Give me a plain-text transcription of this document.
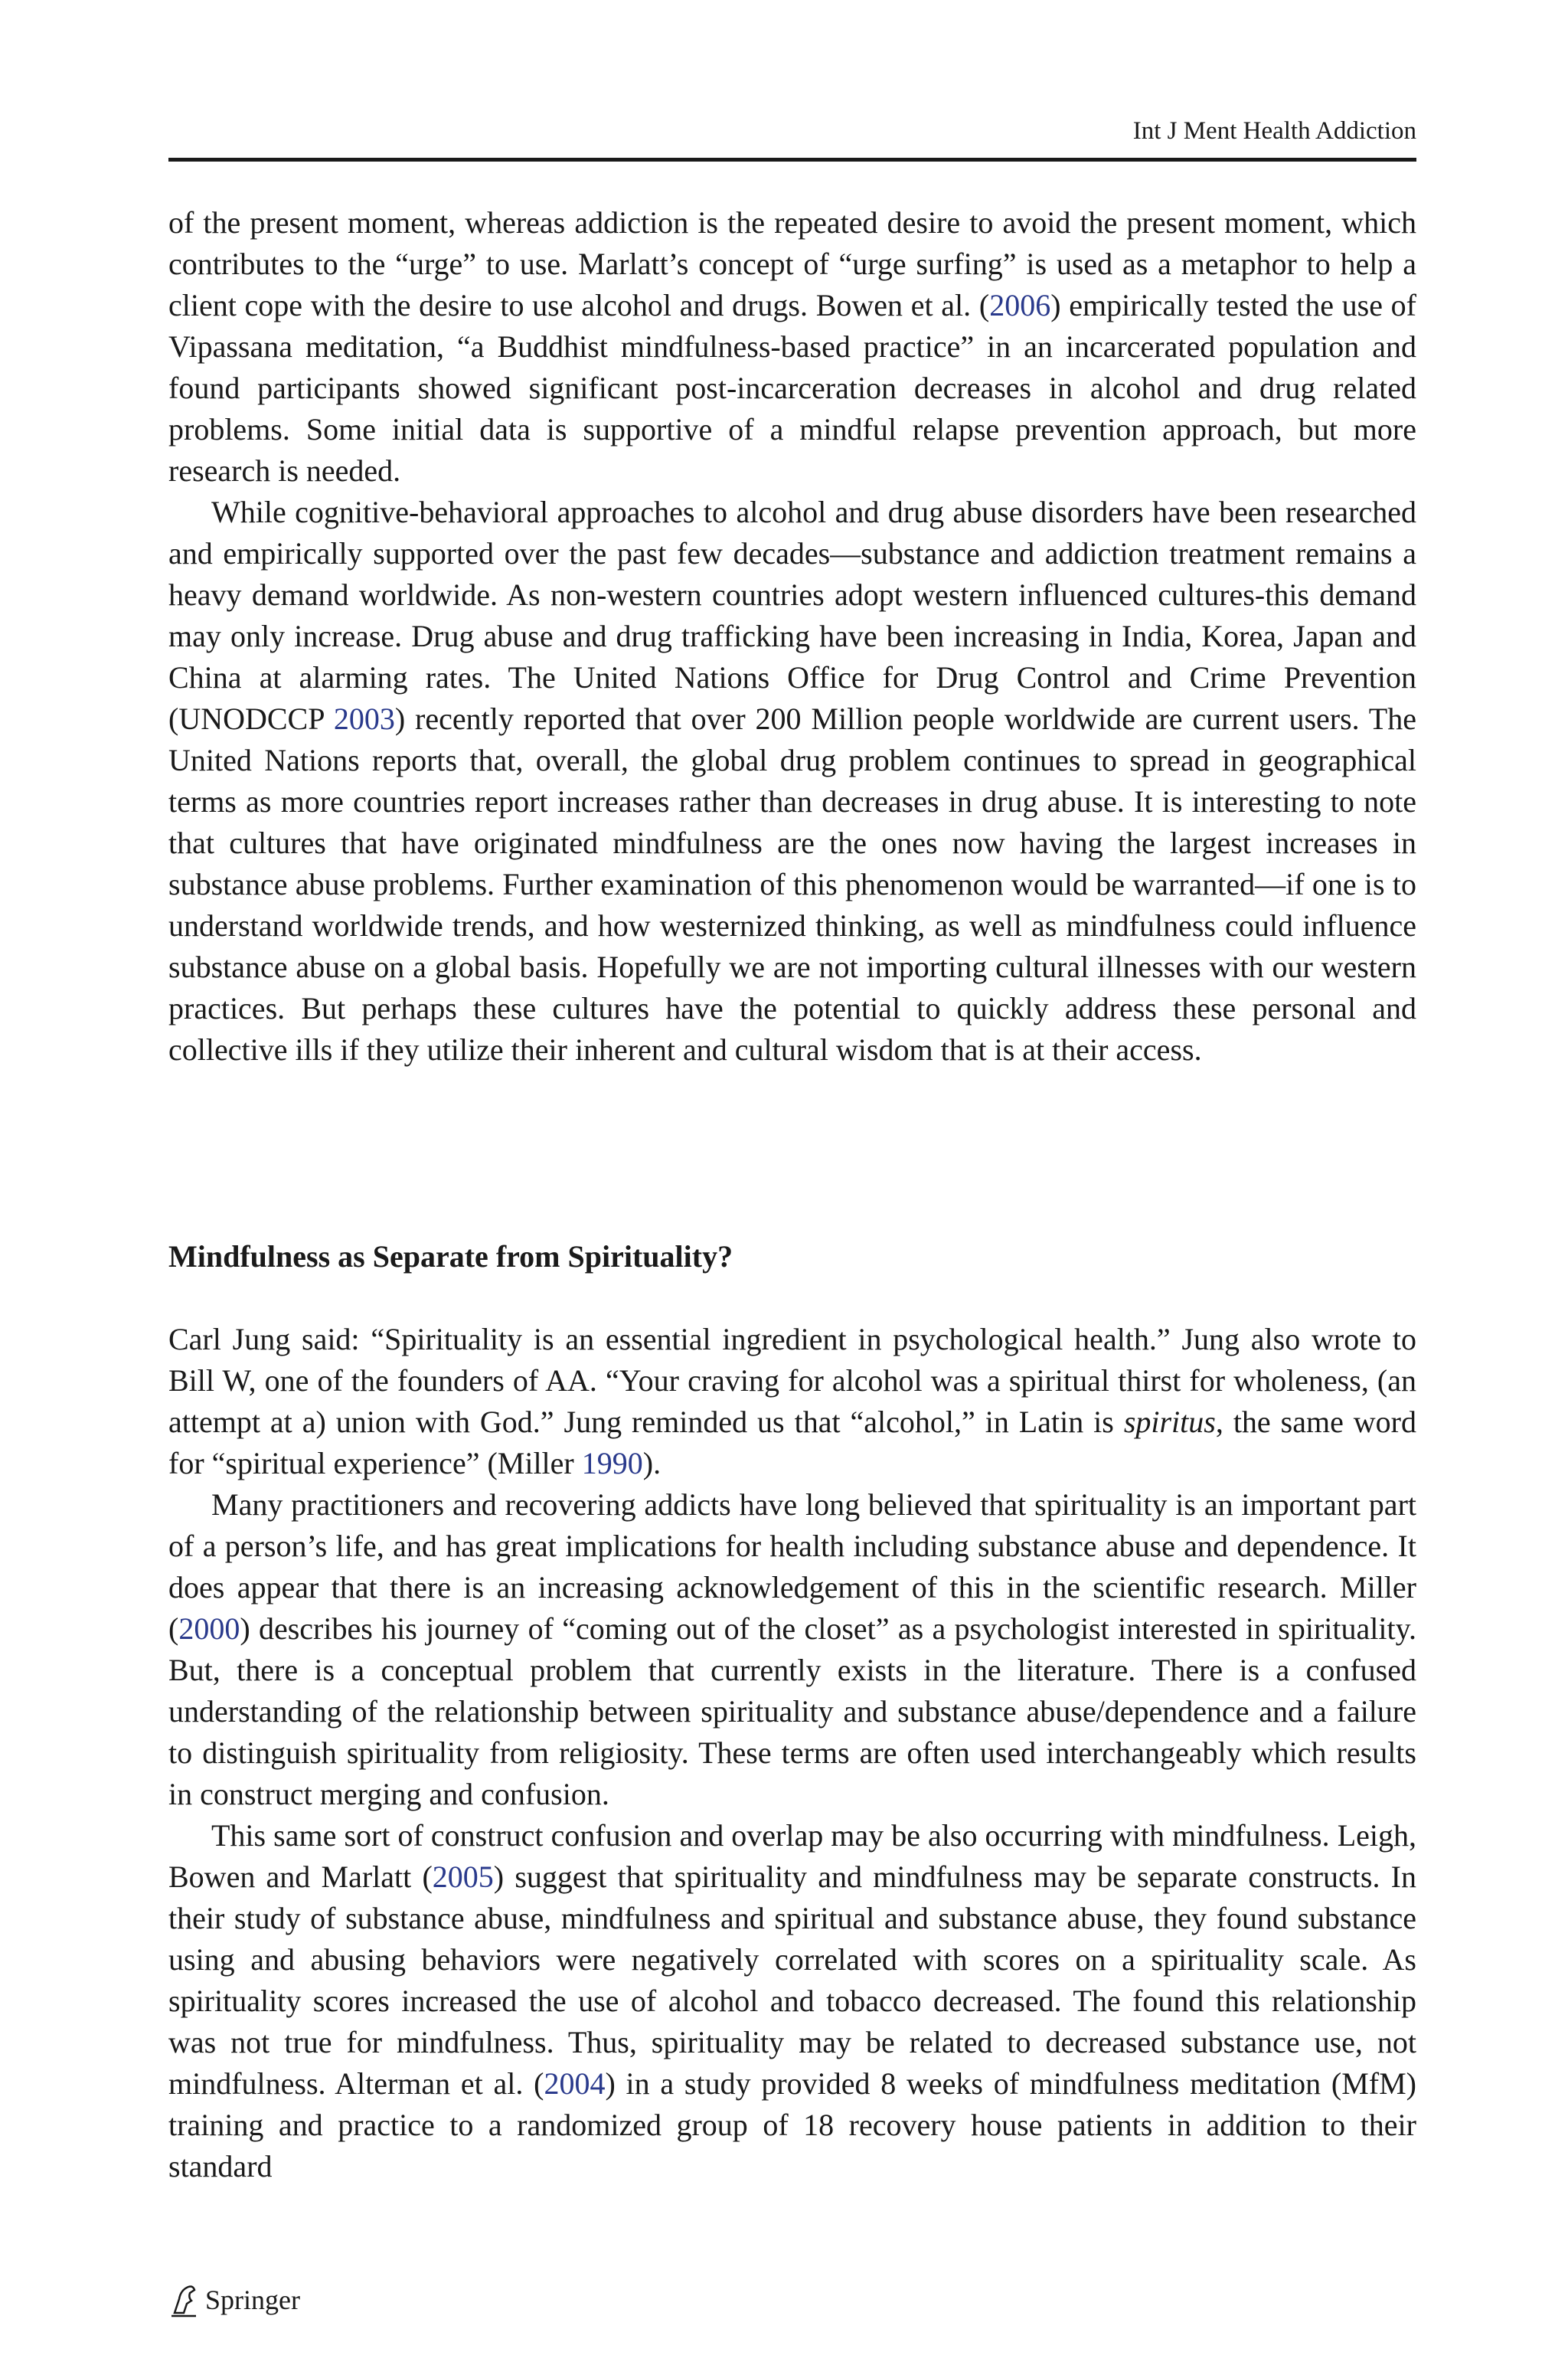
Int J Ment Health Addiction

of the present moment, whereas addiction is the repeated desire to avoid the present moment, which contributes to the “urge” to use. Marlatt’s concept of “urge surfing” is used as a metaphor to help a client cope with the desire to use alcohol and drugs. Bowen et al. (2006) empirically tested the use of Vipassana meditation, “a Buddhist mindfulness-based practice” in an incarcerated population and found participants showed significant post-incarceration decreases in alcohol and drug related problems. Some initial data is supportive of a mindful relapse prevention approach, but more research is needed.

While cognitive-behavioral approaches to alcohol and drug abuse disorders have been researched and empirically supported over the past few decades—substance and addiction treatment remains a heavy demand worldwide. As non-western countries adopt western influenced cultures-this demand may only increase. Drug abuse and drug trafficking have been increasing in India, Korea, Japan and China at alarming rates. The United Nations Office for Drug Control and Crime Prevention (UNODCCP 2003) recently reported that over 200 Million people worldwide are current users. The United Nations reports that, overall, the global drug problem continues to spread in geographical terms as more countries report increases rather than decreases in drug abuse. It is interesting to note that cultures that have originated mindfulness are the ones now having the largest increases in substance abuse problems. Further examination of this phenomenon would be warranted—if one is to understand worldwide trends, and how westernized thinking, as well as mindfulness could influence substance abuse on a global basis. Hopefully we are not importing cultural illnesses with our western practices. But perhaps these cultures have the potential to quickly address these personal and collective ills if they utilize their inherent and cultural wisdom that is at their access.

Mindfulness as Separate from Spirituality?

Carl Jung said: “Spirituality is an essential ingredient in psychological health.” Jung also wrote to Bill W, one of the founders of AA. “Your craving for alcohol was a spiritual thirst for wholeness, (an attempt at a) union with God.” Jung reminded us that “alcohol,” in Latin is spiritus, the same word for “spiritual experience” (Miller 1990).

Many practitioners and recovering addicts have long believed that spirituality is an important part of a person’s life, and has great implications for health including substance abuse and dependence. It does appear that there is an increasing acknowledgement of this in the scientific research. Miller (2000) describes his journey of “coming out of the closet” as a psychologist interested in spirituality. But, there is a conceptual problem that currently exists in the literature. There is a confused understanding of the relationship between spirituality and substance abuse/dependence and a failure to distinguish spirituality from religiosity. These terms are often used interchangeably which results in construct merging and confusion.

This same sort of construct confusion and overlap may be also occurring with mindfulness. Leigh, Bowen and Marlatt (2005) suggest that spirituality and mindfulness may be separate constructs. In their study of substance abuse, mindfulness and spiritual and substance abuse, they found substance using and abusing behaviors were negatively correlated with scores on a spirituality scale. As spirituality scores increased the use of alcohol and tobacco decreased. The found this relationship was not true for mindfulness. Thus, spirituality may be related to decreased substance use, not mindfulness. Alterman et al. (2004) in a study provided 8 weeks of mindfulness meditation (MfM) training and practice to a randomized group of 18 recovery house patients in addition to their standard

Springer
